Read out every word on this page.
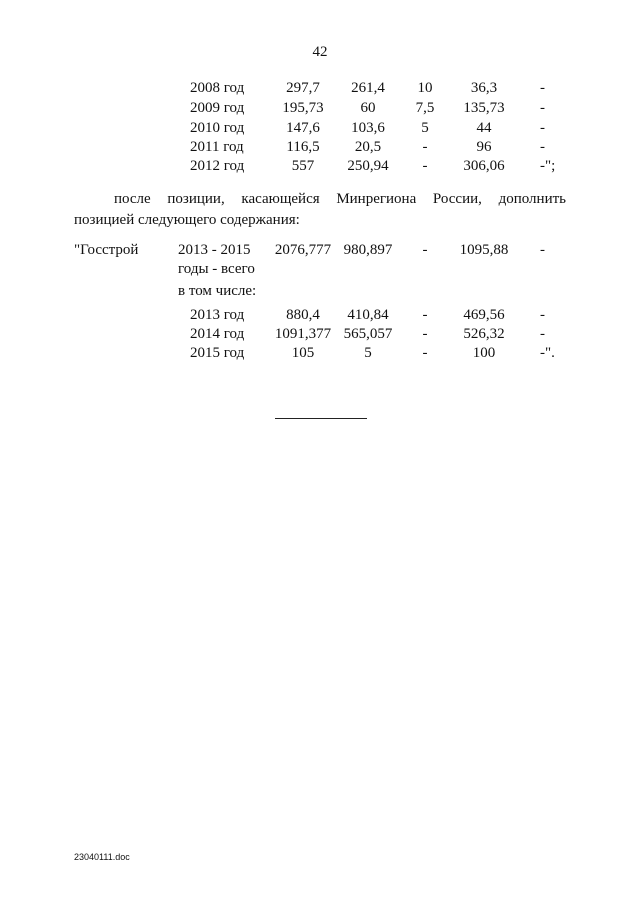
42
2008 год	297,7	261,4	10	36,3	-
2009 год	195,73	60	7,5	135,73	-
2010 год	147,6	103,6	5	44	-
2011 год	116,5	20,5	-	96	-
2012 год	557	250,94	-	306,06	-";
после позиции, касающейся Минрегиона России, дополнить
позицией следующего содержания:
"Госстрой	2013 - 2015	2076,777 980,897	-	1095,88	-
годы - всего
в том числе:
2013 год	880,4	410,84	-	469,56	-
2014 год	1091,377 565,057	-	526,32	-
2015 год	105	5	-	100	-".
23040111.doc
